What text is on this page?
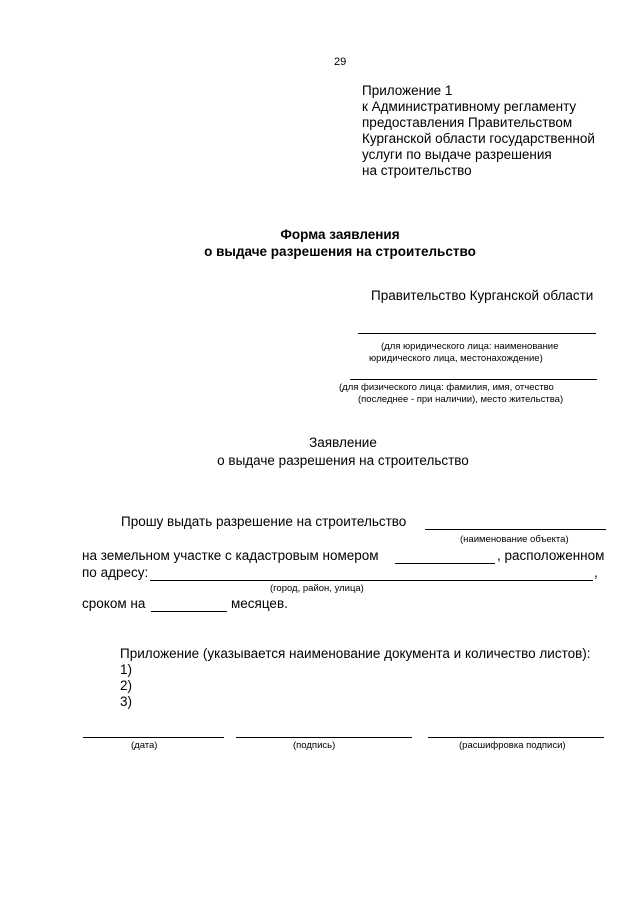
29
Приложение 1
к Административному регламенту
предоставления Правительством
Курганской области государственной
услуги по выдаче разрешения
на строительство
Форма заявления
о выдаче разрешения на строительство
Правительство Курганской области
(для юридического лица: наименование
юридического лица, местонахождение)
(для физического лица: фамилия, имя, отчество
(последнее - при наличии), место жительства)
Заявление
о выдаче разрешения на строительство
Прошу выдать разрешение на строительство
(наименование объекта)
на земельном участке с кадастровым номером	, расположенном
по адресу:	,
(город, район, улица)
сроком на	месяцев.
Приложение (указывается наименование документа и количество листов):
1)
2)
3)
(дата)	(подпись)	(расшифровка подписи)
